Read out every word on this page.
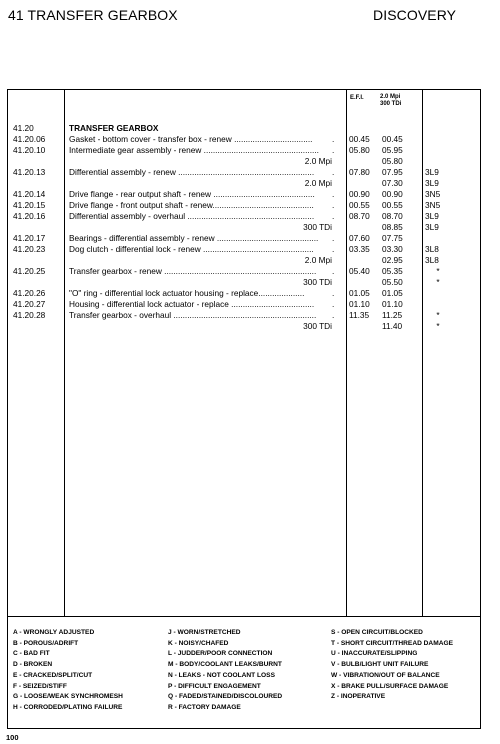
41 TRANSFER GEARBOX	DISCOVERY
E.F.I.	2.0 Mpi
300 TDi
41.20	TRANSFER GEARBOX
41.20.06	Gasket - bottom cover - transfer box - renew ..................................	00.45 00.45
.
41.20.10	Intermediate gear assembly - renew ..................................................	05.80 05.95
.
2.0 Mpi	05.80
41.20.13	Differential assembly - renew ...........................................................	07.80 07.95	3L9
.
2.0 Mpi	07.30	3L9
41.20.14	Drive flange - rear output shaft - renew ............................................	00.90 00.90	3N5
.
41.20.15	Drive flange - front output shaft - renew............................................	00.55 00.55	3N5
.
41.20.16	Differential assembly - overhaul .......................................................	08.70 08.70	3L9
.
300 TDi	08.85	3L9
41.20.17	Bearings - differential assembly - renew ............................................	07.60 07.75
.
41.20.23	Dog clutch - differential lock - renew ................................................	03.35 03.30	3L8
.
2.0 Mpi	02.95	3L8
41.20.25	Transfer gearbox - renew ..................................................................	05.40 05.35	*
.
300 TDi	05.50	*
41.20.26	"O" ring - differential lock actuator housing - replace....................	01.05 01.05
.
41.20.27	Housing - differential lock actuator - replace ....................................	01.10 01.10
.
41.20.28	Transfer gearbox - overhaul ..............................................................	11.35 11.25	*
.
300 TDi	11.40	*
A - WRONGLY ADJUSTED
B - POROUS/ADRIFT
C - BAD FIT
D - BROKEN
E - CRACKED/SPLIT/CUT
F - SEIZED/STIFF
G - LOOSE/WEAK SYNCHROMESH
H - CORRODED/PLATING FAILURE
J - WORN/STRETCHED
K - NOISY/CHAFED
L - JUDDER/POOR CONNECTION
M - BODY/COOLANT LEAKS/BURNT
N - LEAKS - NOT COOLANT LOSS
P - DIFFICULT ENGAGEMENT
Q - FADED/STAINED/DISCOLOURED
R - FACTORY DAMAGE
S - OPEN CIRCUIT/BLOCKED
T - SHORT CIRCUIT/THREAD DAMAGE
U - INACCURATE/SLIPPING
V - BULB/LIGHT UNIT FAILURE
W - VIBRATION/OUT OF BALANCE
X - BRAKE PULL/SURFACE DAMAGE
Z - INOPERATIVE
100
